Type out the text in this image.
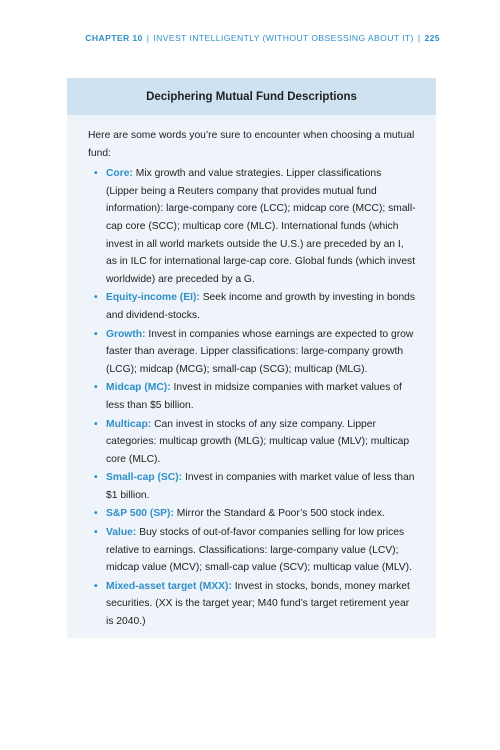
CHAPTER 10 | INVEST INTELLIGENTLY (WITHOUT OBSESSING ABOUT IT) | 225
Deciphering Mutual Fund Descriptions

Here are some words you’re sure to encounter when choosing a mutual fund:

• Core: Mix growth and value strategies. Lipper classifications (Lipper being a Reuters company that provides mutual fund information): large-company core (LCC); midcap core (MCC); small-cap core (SCC); multicap core (MLC). International funds (which invest in all world markets outside the U.S.) are preceded by an I, as in ILC for international large-cap core. Global funds (which invest worldwide) are preceded by a G.
• Equity-income (EI): Seek income and growth by investing in bonds and dividend-stocks.
• Growth: Invest in companies whose earnings are expected to grow faster than average. Lipper classifications: large-company growth (LCG); midcap (MCG); small-cap (SCG); multicap (MLG).
• Midcap (MC): Invest in midsize companies with market values of less than $5 billion.
• Multicap: Can invest in stocks of any size company. Lipper categories: multicap growth (MLG); multicap value (MLV); multicap core (MLC).
• Small-cap (SC): Invest in companies with market value of less than $1 billion.
• S&P 500 (SP): Mirror the Standard & Poor’s 500 stock index.
• Value: Buy stocks of out-of-favor companies selling for low prices relative to earnings. Classifications: large-company value (LCV); midcap value (MCV); small-cap value (SCV); multicap value (MLV).
• Mixed-asset target (MXX): Invest in stocks, bonds, money market securities. (XX is the target year; M40 fund’s target retirement year is 2040.)
